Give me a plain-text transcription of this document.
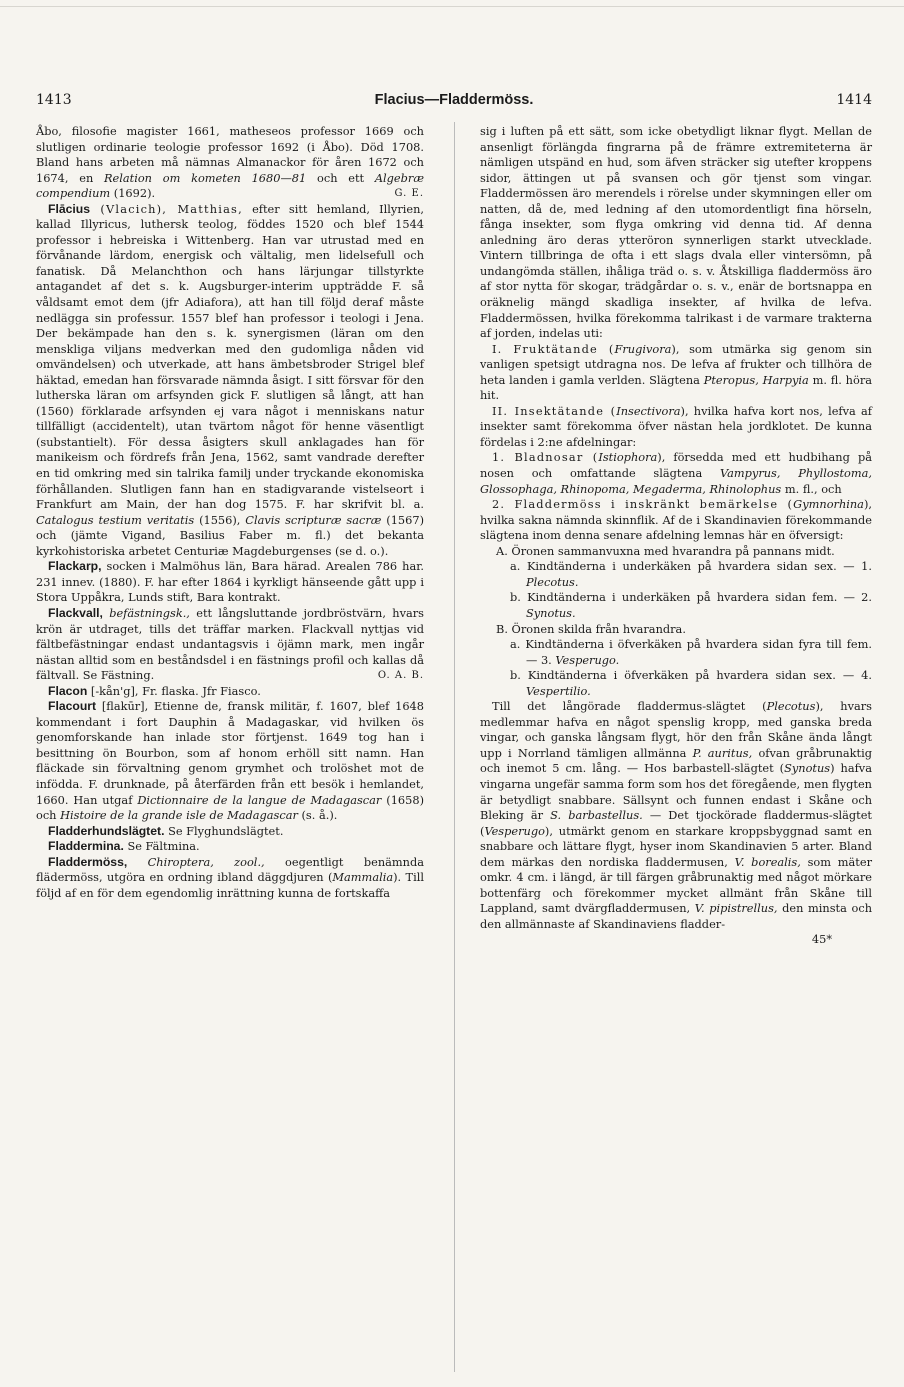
1413	Flacius—Fladdermöss.	1414

Åbo, filosofie magister 1661, matheseos professor 1669 och slutligen ordinarie teologie professor 1692 (i Åbo). Död 1708. Bland hans arbeten må nämnas Almanackor för åren 1672 och 1674, en Relation om kometen 1680—81 och ett Algebræ compendium (1692).	G. E.

Flācius (Vlacich), Matthias, efter sitt hemland, Illyrien, kallad Illyricus, luthersk teolog, föddes 1520 och blef 1544 professor i hebreiska i Wittenberg. Han var utrustad med en förvånande lärdom, energisk och vältalig, men lidelsefull och fanatisk. Då Melanchthon och hans lärjungar tillstyrkte antagandet af det s. k. Augsburger-interim uppträdde F. så våldsamt emot dem (jfr Adiafora), att han till följd deraf måste nedlägga sin professur. 1557 blef han professor i teologi i Jena. Der bekämpade han den s. k. synergismen (läran om den menskliga viljans medverkan med den gudomliga nåden vid omvändelsen) och utverkade, att hans ämbetsbroder Strigel blef häktad, emedan han försvarade nämnda åsigt. I sitt försvar för den lutherska läran om arfsynden gick F. slutligen så långt, att han (1560) förklarade arfsynden ej vara något i menniskans natur tillfälligt (accidentelt), utan tvärtom något för henne väsentligt (substantielt). För dessa åsigters skull anklagades han för manikeism och fördrefs från Jena, 1562, samt vandrade derefter en tid omkring med sin talrika familj under tryckande ekonomiska förhållanden. Slutligen fann han en stadigvarande vistelseort i Frankfurt am Main, der han dog 1575. F. har skrifvit bl. a. Catalogus testium veritatis (1556), Clavis scripturæ sacræ (1567) och (jämte Vigand, Basilius Faber m. fl.) det bekanta kyrkohistoriska arbetet Centuriæ Magdeburgenses (se d. o.).

Flackarp, socken i Malmöhus län, Bara härad. Arealen 786 har. 231 innev. (1880). F. har efter 1864 i kyrkligt hänseende gått upp i Stora Uppåkra, Lunds stift, Bara kontrakt.

Flackvall, befästningsk., ett långsluttande jordbröstvärn, hvars krön är utdraget, tills det träffar marken. Flackvall nyttjas vid fältbefästningar endast undantagsvis i öjämn mark, men ingår nästan alltid som en beståndsdel i en fästnings profil och kallas då fältvall. Se Fästning.	O. A. B.

Flacon [-kån'g], Fr. flaska. Jfr Fiasco.

Flacourt [flakūr], Etienne de, fransk militär, f. 1607, blef 1648 kommendant i fort Dauphin å Madagaskar, vid hvilken ös genomforskande han inlade stor förtjenst. 1649 tog han i besittning ön Bourbon, som af honom erhöll sitt namn. Han fläckade sin förvaltning genom grymhet och trolöshet mot de infödda. F. drunknade, på återfärden från ett besök i hemlandet, 1660. Han utgaf Dictionnaire de la langue de Madagascar (1658) och Histoire de la grande isle de Madagascar (s. å.).

Fladderhundslägtet. Se Flyghundslägtet.

Fladdermina. Se Fältmina.

Fladdermöss, Chiroptera, zool., oegentligt benämnda flädermöss, utgöra en ordning ibland däggdjuren (Mammalia). Till följd af en för dem egendomlig inrättning kunna de fortskaffa

sig i luften på ett sätt, som icke obetydligt liknar flygt. Mellan de ansenligt förlängda fingrarna på de främre extremiteterna är nämligen utspänd en hud, som äfven sträcker sig utefter kroppens sidor, ättingen ut på svansen och gör tjenst som vingar. Fladdermössen äro merendels i rörelse under skymningen eller om natten, då de, med ledning af den utomordentligt fina hörseln, fånga insekter, som flyga omkring vid denna tid. Af denna anledning äro deras ytteröron synnerligen starkt utvecklade. Vintern tillbringa de ofta i ett slags dvala eller vintersömn, på undangömda ställen, ihåliga träd o. s. v. Åtskilliga fladdermöss äro af stor nytta för skogar, trädgårdar o. s. v., enär de bortsnappa en oräknelig mängd skadliga insekter, af hvilka de lefva. Fladdermössen, hvilka förekomma talrikast i de varmare trakterna af jorden, indelas uti:

I. Fruktätande (Frugivora), som utmärka sig genom sin vanligen spetsigt utdragna nos. De lefva af frukter och tillhöra de heta landen i gamla verlden. Slägtena Pteropus, Harpyia m. fl. höra hit.

II. Insektätande (Insectivora), hvilka hafva kort nos, lefva af insekter samt förekomma öfver nästan hela jordklotet. De kunna fördelas i 2:ne afdelningar:

1. Bladnosar (Istiophora), försedda med ett hudbihang på nosen och omfattande slägtena Vampyrus, Phyllostoma, Glossophaga, Rhinopoma, Megaderma, Rhinolophus m. fl., och

2. Fladdermöss i inskränkt bemärkelse (Gymnorhina), hvilka sakna nämnda skinnflik. Af de i Skandinavien förekommande slägtena inom denna senare afdelning lemnas här en öfversigt:

A. Öronen sammanvuxna med hvarandra på pannans midt.

a. Kindtänderna i underkäken på hvardera sidan sex. — 1. Plecotus.

b. Kindtänderna i underkäken på hvardera sidan fem. — 2. Synotus.

B. Öronen skilda från hvarandra.

a. Kindtänderna i öfverkäken på hvardera sidan fyra till fem. — 3. Vesperugo.

b. Kindtänderna i öfverkäken på hvardera sidan sex. — 4. Vespertilio.

Till det långörade fladdermus-slägtet (Plecotus), hvars medlemmar hafva en något spenslig kropp, med ganska breda vingar, och ganska långsam flygt, hör den från Skåne ända långt upp i Norrland tämligen allmänna P. auritus, ofvan gråbrunaktig och inemot 5 cm. lång. — Hos barbastell-slägtet (Synotus) hafva vingarna ungefär samma form som hos det föregående, men flygten är betydligt snabbare. Sällsynt och funnen endast i Skåne och Bleking är S. barbastellus. — Det tjockörade fladdermus-slägtet (Vesperugo), utmärkt genom en starkare kroppsbyggnad samt en snabbare och lättare flygt, hyser inom Skandinavien 5 arter. Bland dem märkas den nordiska fladdermusen, V. borealis, som mäter omkr. 4 cm. i längd, är till färgen gråbrunaktig med något mörkare bottenfärg och förekommer mycket allmänt från Skåne till Lappland, samt dvärgfladdermusen, V. pipistrellus, den minsta och den allmännaste af Skandinaviens fladder-

45*
